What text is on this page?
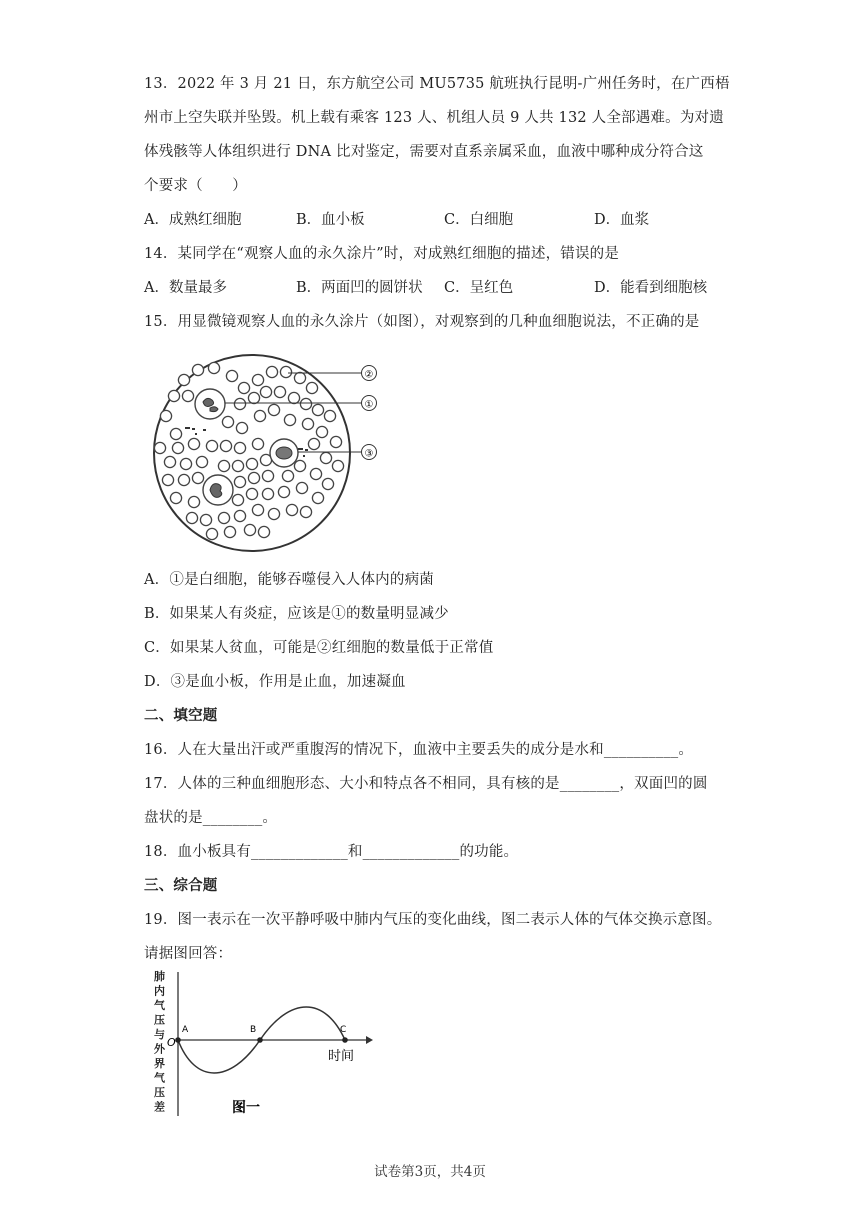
13．2022 年 3 月 21 日，东方航空公司 MU5735 航班执行昆明-广州任务时，在广西梧
州市上空失联并坠毁。机上载有乘客 123 人、机组人员 9 人共 132 人全部遇难。为对遗
体残骸等人体组织进行 DNA 比对鉴定，需要对直系亲属采血，血液中哪种成分符合这
个要求（　　）
A．成熟红细胞	B．血小板	C．白细胞	D．血浆
14．某同学在“观察人血的永久涂片”时，对成熟红细胞的描述，错误的是
A．数量最多	B．两面凹的圆饼状 C．呈红色	D．能看到细胞核
15．用显微镜观察人血的永久涂片（如图），对观察到的几种血细胞说法，不正确的是
②
①
③
A．①是白细胞，能够吞噬侵入人体内的病菌
B．如果某人有炎症，应该是①的数量明显减少
C．如果某人贫血，可能是②红细胞的数量低于正常值
D．③是血小板，作用是止血，加速凝血
二、填空题
16．人在大量出汗或严重腹泻的情况下，血液中主要丢失的成分是水和__________。
17．人体的三种血细胞形态、大小和特点各不相同，具有核的是________，双面凹的圆
盘状的是________。
18．血小板具有_____________和_____________的功能。
三、综合题
19．图一表示在一次平静呼吸中肺内气压的变化曲线，图二表示人体的气体交换示意图。
请据图回答：
肺
内
气
压
与
外
界
气
压
差
O
A	B	C
时间
图一
试卷第3页，共4页
